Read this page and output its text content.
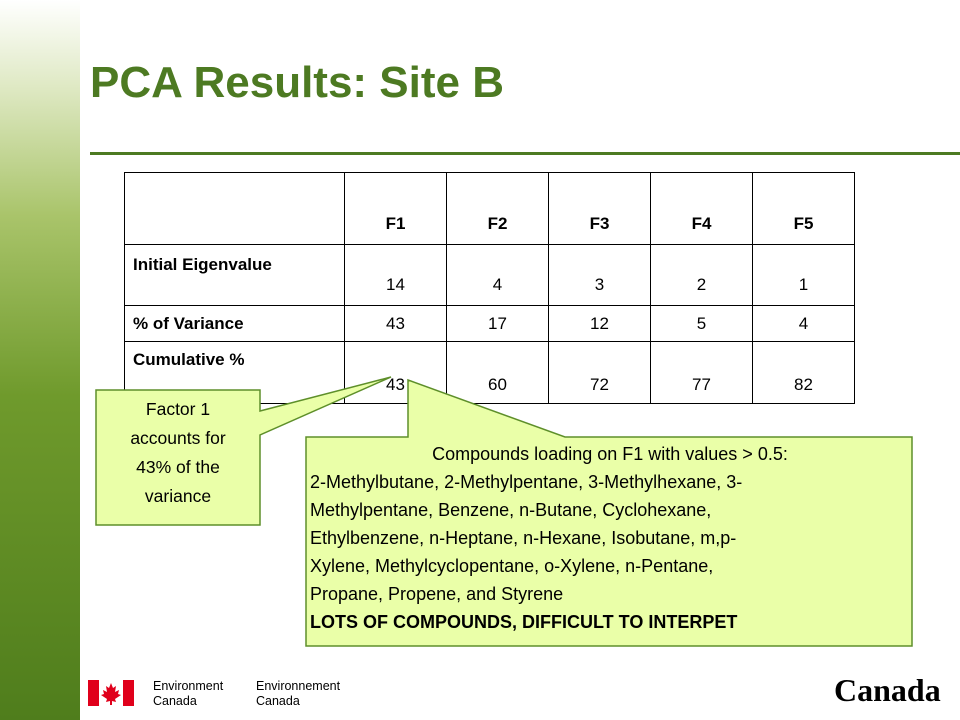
PCA Results: Site B
	F1	F2	F3	F4	F5
Initial Eigenvalue	14	4	3	2	1
% of Variance	43	17	12	5	4
Cumulative %	43	60	72	77	82
Factor 1
accounts for
43% of the
variance
Compounds loading on F1 with values > 0.5:
2-Methylbutane, 2-Methylpentane, 3-Methylhexane, 3-
Methylpentane, Benzene, n-Butane, Cyclohexane,
Ethylbenzene, n-Heptane, n-Hexane, Isobutane, m,p-
Xylene, Methylcyclopentane, o-Xylene, n-Pentane,
Propane, Propene, and Styrene
LOTS OF COMPOUNDS, DIFFICULT TO INTERPET
Environment
Canada
Environnement
Canada	Canada
